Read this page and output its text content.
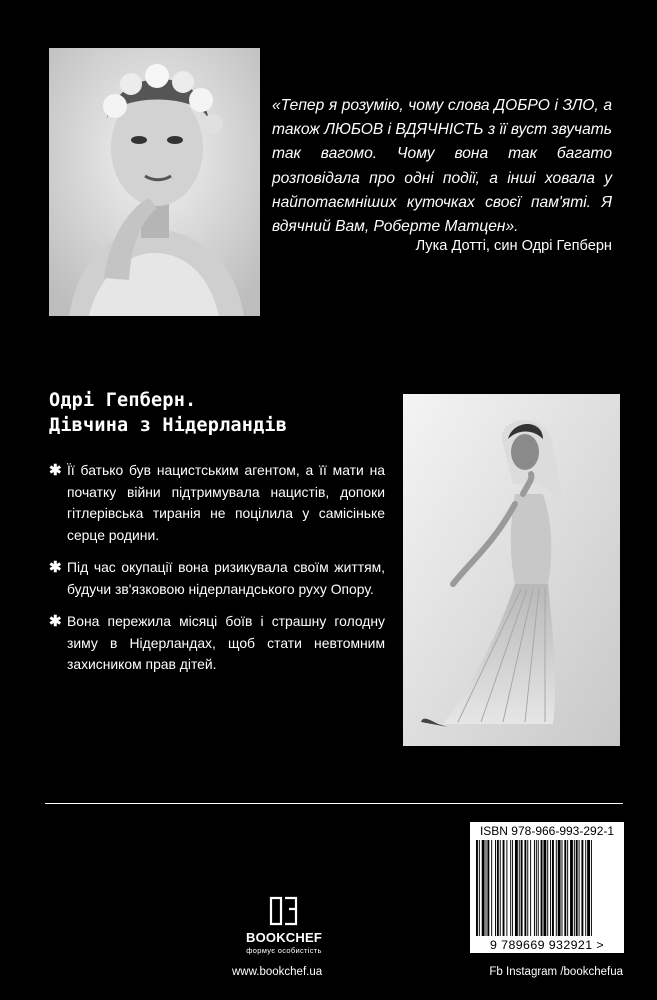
«Тепер я розумію, чому слова ДОБРО і ЗЛО, а також ЛЮБОВ і ВДЯЧНІСТЬ з її вуст звучать так вагомо. Чому вона так багато розповідала про одні події, а інші ховала у найпотаємніших куточках своєї пам'яті. Я вдячний Вам, Роберте Матцен».
Лука Дотті, син Одрі Гепберн
Одрі Гепберн.
Дівчина з Нідерландів
✱ Її батько був нацистським агентом, а її мати на початку війни підтримувала нацистів, допоки гітлерівська тиранія не поцілила у самісіньке серце родини.
✱ Під час окупації вона ризикувала своїм життям, будучи зв'язковою нідерландського руху Опору.
✱ Вона пережила місяці боїв і страшну голодну зиму в Нідерландах, щоб стати невтомним захисником прав дітей.
BOOKCHEF
формує особистість
ISBN 978-966-993-292-1
9 789669 932921 >
www.bookchef.ua	Fb Instagram /bookchefua
